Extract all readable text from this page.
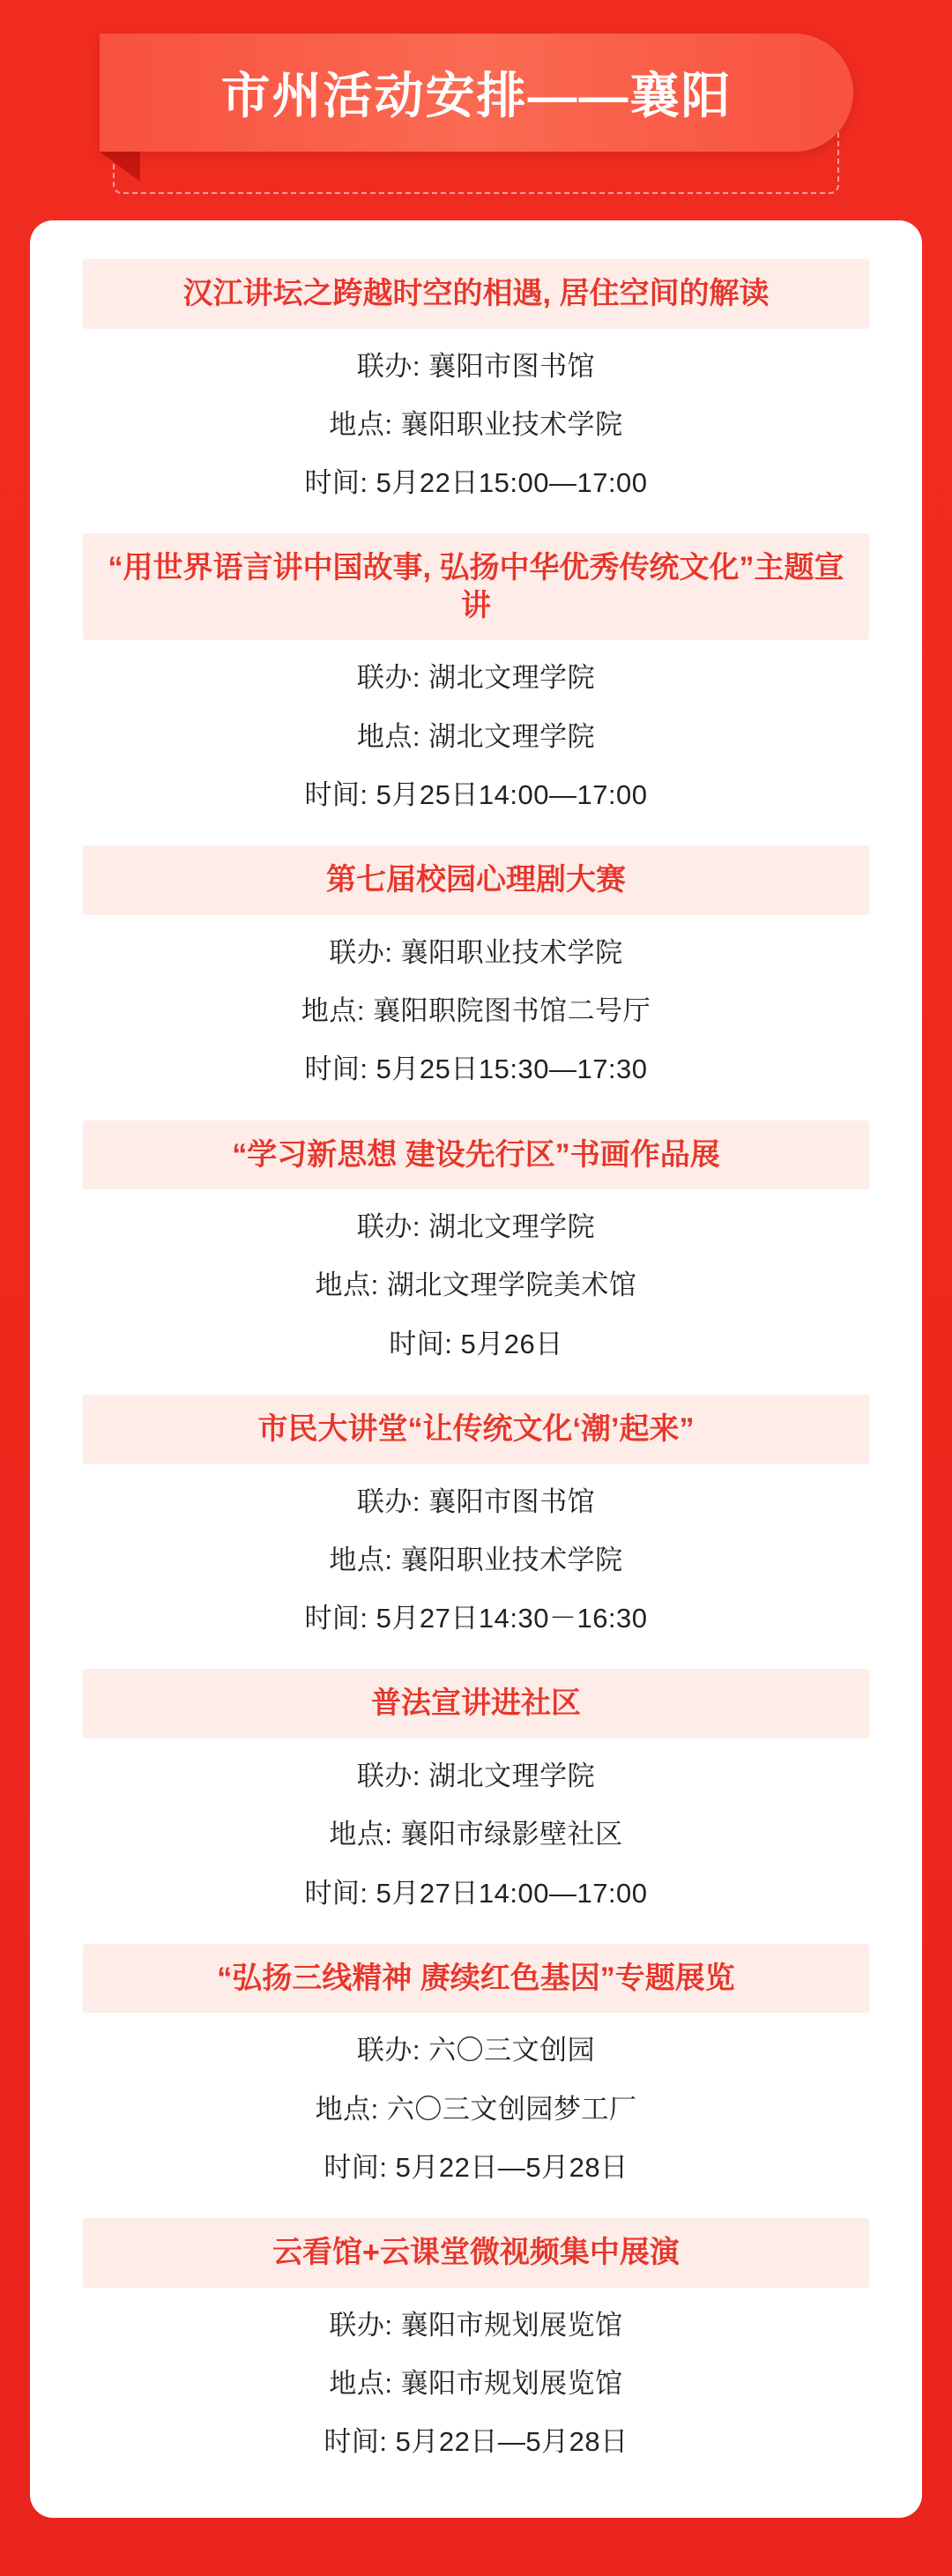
市州活动安排——襄阳
汉江讲坛之跨越时空的相遇, 居住空间的解读
联办: 襄阳市图书馆
地点: 襄阳职业技术学院
时间: 5月22日15:00—17:00
“用世界语言讲中国故事, 弘扬中华优秀传统文化”主题宣讲
联办: 湖北文理学院
地点: 湖北文理学院
时间: 5月25日14:00—17:00
第七届校园心理剧大赛
联办: 襄阳职业技术学院
地点: 襄阳职院图书馆二号厅
时间: 5月25日15:30—17:30
“学习新思想 建设先行区”书画作品展
联办: 湖北文理学院
地点: 湖北文理学院美术馆
时间: 5月26日
市民大讲堂“让传统文化‘潮’起来”
联办: 襄阳市图书馆
地点: 襄阳职业技术学院
时间: 5月27日14:30－16:30
普法宣讲进社区
联办: 湖北文理学院
地点: 襄阳市绿影壁社区
时间: 5月27日14:00—17:00
“弘扬三线精神 赓续红色基因”专题展览
联办: 六〇三文创园
地点: 六〇三文创园梦工厂
时间: 5月22日—5月28日
云看馆+云课堂微视频集中展演
联办: 襄阳市规划展览馆
地点: 襄阳市规划展览馆
时间: 5月22日—5月28日
